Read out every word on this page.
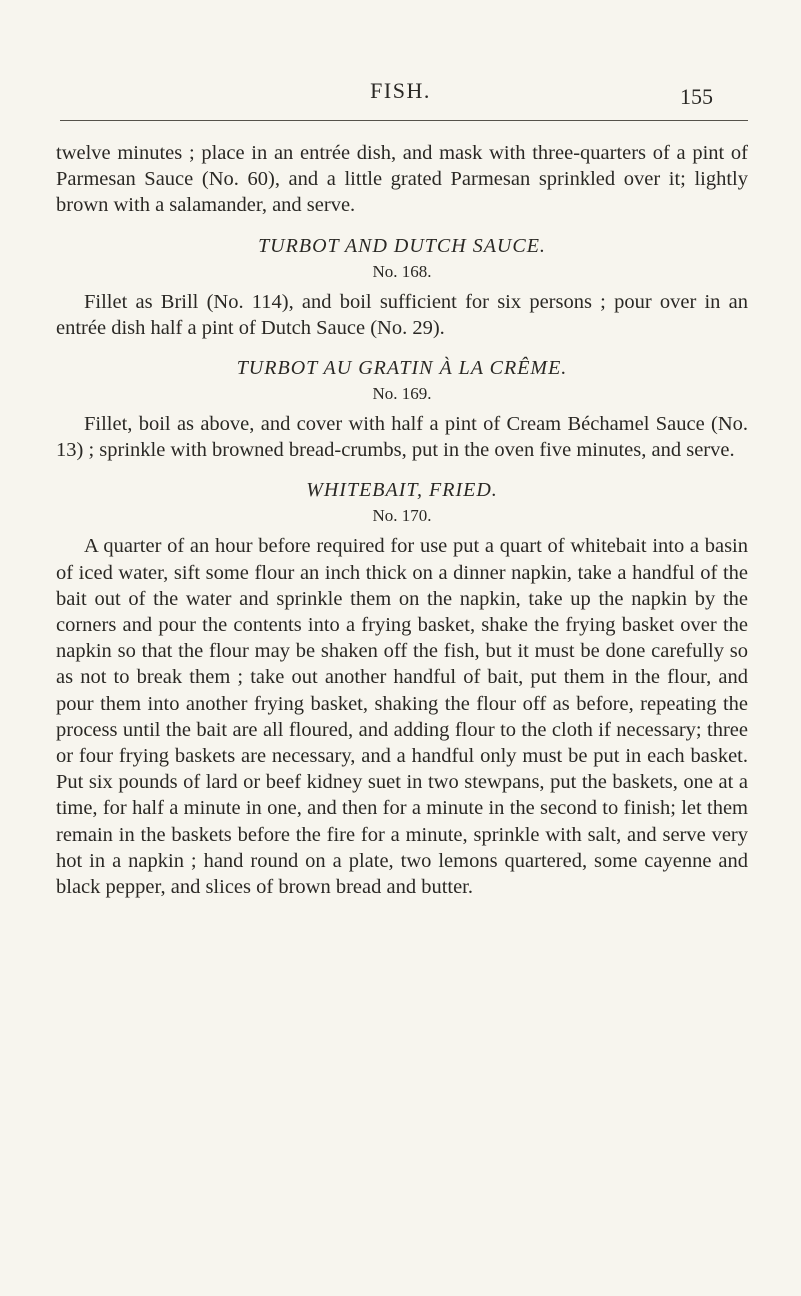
FISH.	155

twelve minutes ; place in an entrée dish, and mask with three-quarters of a pint of Parmesan Sauce (No. 60), and a little grated Parmesan sprinkled over it; lightly brown with a salamander, and serve.

TURBOT AND DUTCH SAUCE.
No. 168.

Fillet as Brill (No. 114), and boil sufficient for six persons ; pour over in an entrée dish half a pint of Dutch Sauce (No. 29).

TURBOT AU GRATIN À LA CRÊME.
No. 169.

Fillet, boil as above, and cover with half a pint of Cream Béchamel Sauce (No. 13) ; sprinkle with browned bread-crumbs, put in the oven five minutes, and serve.

WHITEBAIT, FRIED.
No. 170.

A quarter of an hour before required for use put a quart of whitebait into a basin of iced water, sift some flour an inch thick on a dinner napkin, take a handful of the bait out of the water and sprinkle them on the napkin, take up the napkin by the corners and pour the contents into a frying basket, shake the frying basket over the napkin so that the flour may be shaken off the fish, but it must be done carefully so as not to break them ; take out another handful of bait, put them in the flour, and pour them into another frying basket, shaking the flour off as before, repeating the process until the bait are all floured, and adding flour to the cloth if necessary; three or four frying baskets are necessary, and a handful only must be put in each basket. Put six pounds of lard or beef kidney suet in two stewpans, put the baskets, one at a time, for half a minute in one, and then for a minute in the second to finish; let them remain in the baskets before the fire for a minute, sprinkle with salt, and serve very hot in a napkin ; hand round on a plate, two lemons quartered, some cayenne and black pepper, and slices of brown bread and butter.
